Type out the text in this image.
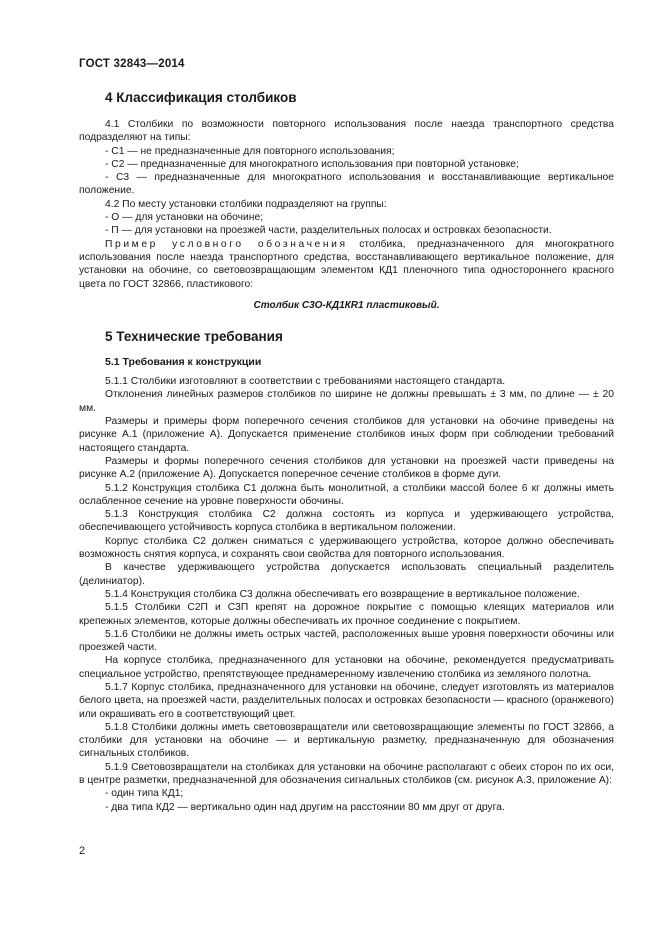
ГОСТ 32843—2014

4 Классификация столбиков

4.1 Столбики по возможности повторного использования после наезда транспортного средства подразделяют на типы:

- С1 — не предназначенные для повторного использования;

- С2 — предназначенные для многократного использования при повторной установке;

- С3 — предназначенные для многократного использования и восстанавливающие вертикальное положение.

4.2 По месту установки столбики подразделяют на группы:

- О — для установки на обочине;

- П — для установки на проезжей части, разделительных полосах и островках безопасности.

Пример условного обозначения столбика, предназначенного для многократного использования после наезда транспортного средства, восстанавливающего вертикальное положение, для установки на обочине, со световозвращающим элементом КД1 пленочного типа одностороннего красного цвета по ГОСТ 32866, пластикового:

Столбик С3О-КД1КR1 пластиковый.

5 Технические требования
5.1 Требования к конструкции

5.1.1 Столбики изготовляют в соответствии с требованиями настоящего стандарта.

Отклонения линейных размеров столбиков по ширине не должны превышать ± 3 мм, по длине — ± 20 мм.

Размеры и примеры форм поперечного сечения столбиков для установки на обочине приведены на рисунке А.1 (приложение А). Допускается применение столбиков иных форм при соблюдении требований настоящего стандарта.

Размеры и формы поперечного сечения столбиков для установки на проезжей части приведены на рисунке А.2 (приложение А). Допускается поперечное сечение столбиков в форме дуги.

5.1.2 Конструкция столбика С1 должна быть монолитной, а столбики массой более 6 кг должны иметь ослабленное сечение на уровне поверхности обочины.

5.1.3 Конструкция столбика С2 должна состоять из корпуса и удерживающего устройства, обеспечивающего устойчивость корпуса столбика в вертикальном положении.

Корпус столбика С2 должен сниматься с удерживающего устройства, которое должно обеспечивать возможность снятия корпуса, и сохранять свои свойства для повторного использования.

В качестве удерживающего устройства допускается использовать специальный разделитель (делиниатор).

5.1.4 Конструкция столбика С3 должна обеспечивать его возвращение в вертикальное положение.

5.1.5 Столбики С2П и С3П крепят на дорожное покрытие с помощью клеящих материалов или крепежных элементов, которые должны обеспечивать их прочное соединение с покрытием.

5.1.6 Столбики не должны иметь острых частей, расположенных выше уровня поверхности обочины или проезжей части.

На корпусе столбика, предназначенного для установки на обочине, рекомендуется предусматривать специальное устройство, препятствующее преднамеренному извлечению столбика из земляного полотна.

5.1.7 Корпус столбика, предназначенного для установки на обочине, следует изготовлять из материалов белого цвета, на проезжей части, разделительных полосах и островках безопасности — красного (оранжевого) или окрашивать его в соответствующий цвет.

5.1.8 Столбики должны иметь световозвращатели или световозвращающие элементы по ГОСТ 32866, а столбики для установки на обочине — и вертикальную разметку, предназначенную для обозначения сигнальных столбиков.

5.1.9 Световозвращатели на столбиках для установки на обочине располагают с обеих сторон по их оси, в центре разметки, предназначенной для обозначения сигнальных столбиков (см. рисунок А.3, приложение А):

- один типа КД1;

- два типа КД2 — вертикально один над другим на расстоянии 80 мм друг от друга.

2
